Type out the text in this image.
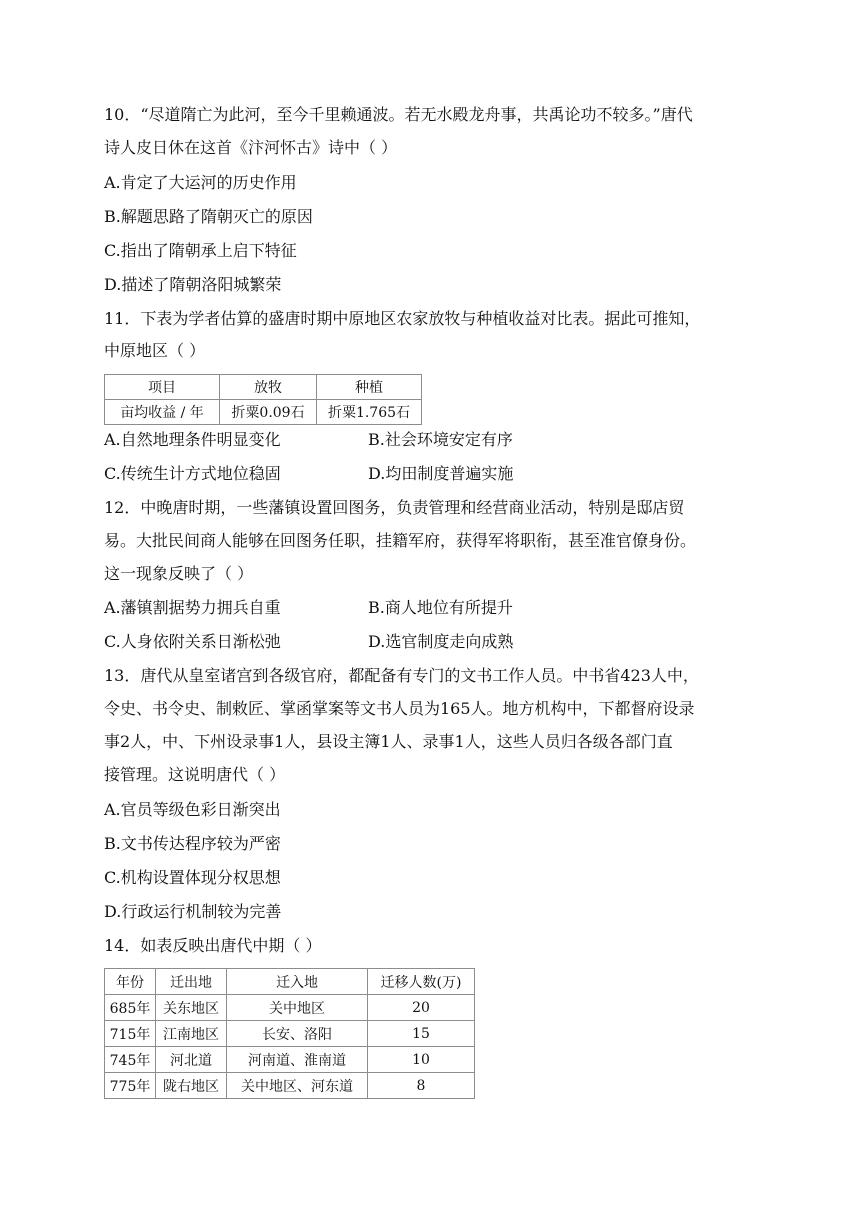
10．“尽道隋亡为此河，至今千里赖通波。若无水殿龙舟事，共禹论功不较多。”唐代
诗人皮日休在这首《汴河怀古》诗中（ ）
A.肯定了大运河的历史作用
B.解题思路了隋朝灭亡的原因
C.指出了隋朝承上启下特征
D.描述了隋朝洛阳城繁荣
11．下表为学者估算的盛唐时期中原地区农家放牧与种植收益对比表。据此可推知，
中原地区（ ）
项目	放牧	种植
亩均收益 / 年	折粟0.09石	折粟1.765石
A.自然地理条件明显变化	B.社会环境安定有序
C.传统生计方式地位稳固	D.均田制度普遍实施
12．中晚唐时期，一些藩镇设置回图务，负责管理和经营商业活动，特别是邸店贸
易。大批民间商人能够在回图务任职，挂籍军府，获得军将职衔，甚至准官僚身份。
这一现象反映了（ ）
A.藩镇割据势力拥兵自重	B.商人地位有所提升
C.人身依附关系日渐松弛	D.选官制度走向成熟
13．唐代从皇室诸宫到各级官府，都配备有专门的文书工作人员。中书省423人中，
令史、书令史、制敕匠、掌函掌案等文书人员为165人。地方机构中，下都督府设录
事2人，中、下州设录事1人，县设主簿1人、录事1人，这些人员归各级各部门直
接管理。这说明唐代（ ）
A.官员等级色彩日渐突出
B.文书传达程序较为严密
C.机构设置体现分权思想
D.行政运行机制较为完善
14．如表反映出唐代中期（ ）
年份	迁出地	迁入地	迁移人数(万)
685年	关东地区	关中地区	20
715年	江南地区	长安、洛阳	15
745年	河北道	河南道、淮南道	10
775年	陇右地区	关中地区、河东道	8
